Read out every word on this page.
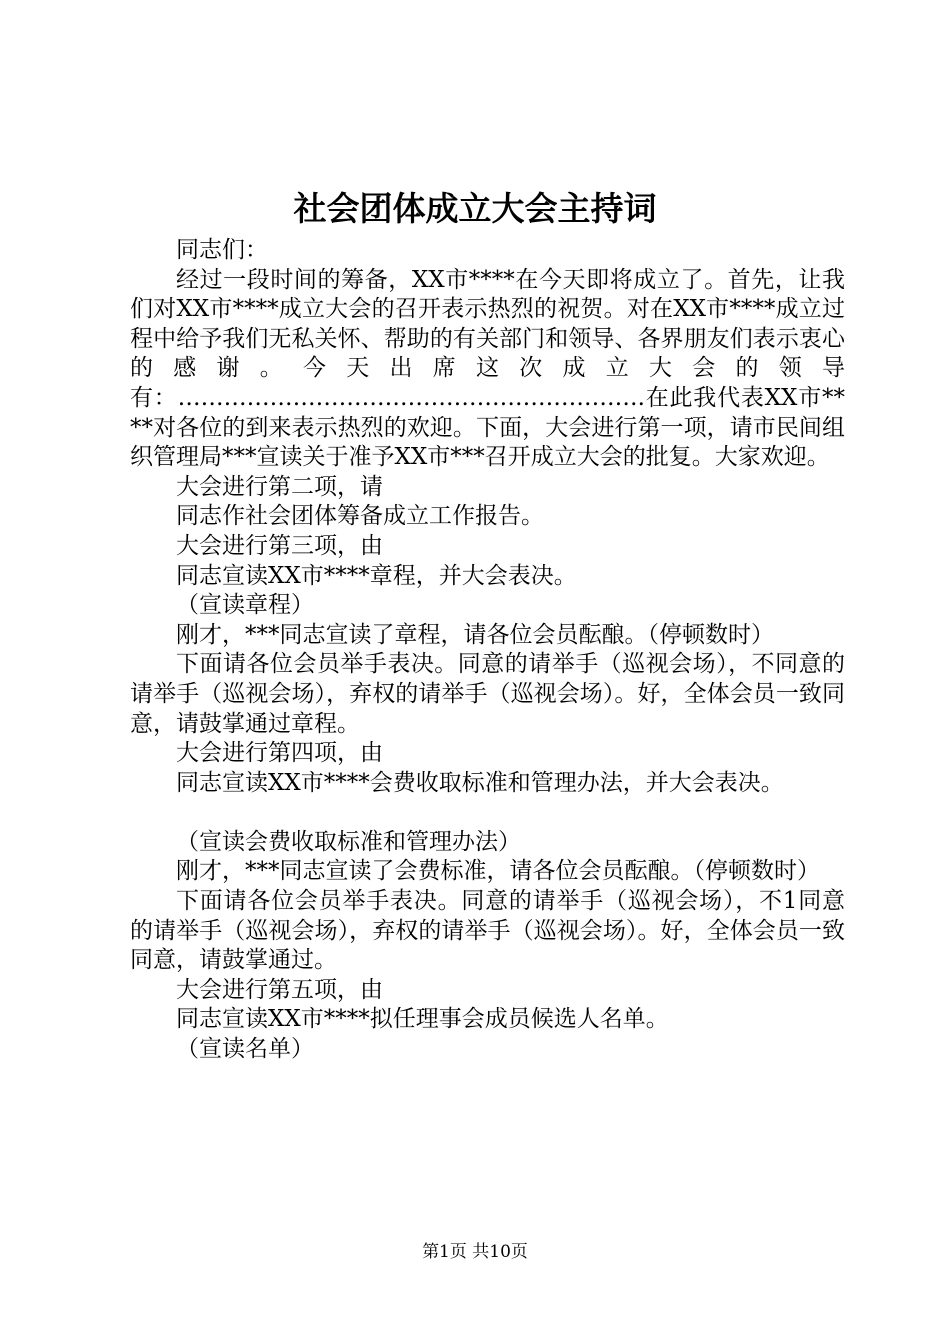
社会团体成立大会主持词

同志们：

经过一段时间的筹备，XX市****在今天即将成立了。首先，让我们对XX市****成立大会的召开表示热烈的祝贺。对在XX市****成立过程中给予我们无私关怀、帮助的有关部门和领导、各界朋友们表示衷心的感谢。今天出席这次成立大会的领导有：…………………………………………………….在此我代表XX市****对各位的到来表示热烈的欢迎。下面，大会进行第一项，请市民间组织管理局***宣读关于准予XX市***召开成立大会的批复。大家欢迎。

大会进行第二项，请

同志作社会团体筹备成立工作报告。

大会进行第三项，由

同志宣读XX市****章程，并大会表决。

（宣读章程）

刚才，***同志宣读了章程，请各位会员酝酿。（停顿数时）

下面请各位会员举手表决。同意的请举手（巡视会场），不同意的请举手（巡视会场），弃权的请举手（巡视会场）。好，全体会员一致同意，请鼓掌通过章程。

大会进行第四项，由

同志宣读XX市****会费收取标准和管理办法，并大会表决。

（宣读会费收取标准和管理办法）

刚才，***同志宣读了会费标准，请各位会员酝酿。（停顿数时）

下面请各位会员举手表决。同意的请举手（巡视会场），不1同意的请举手（巡视会场），弃权的请举手（巡视会场）。好，全体会员一致同意，请鼓掌通过。

大会进行第五项，由

同志宣读XX市****拟任理事会成员候选人名单。

（宣读名单）

第1页 共10页
